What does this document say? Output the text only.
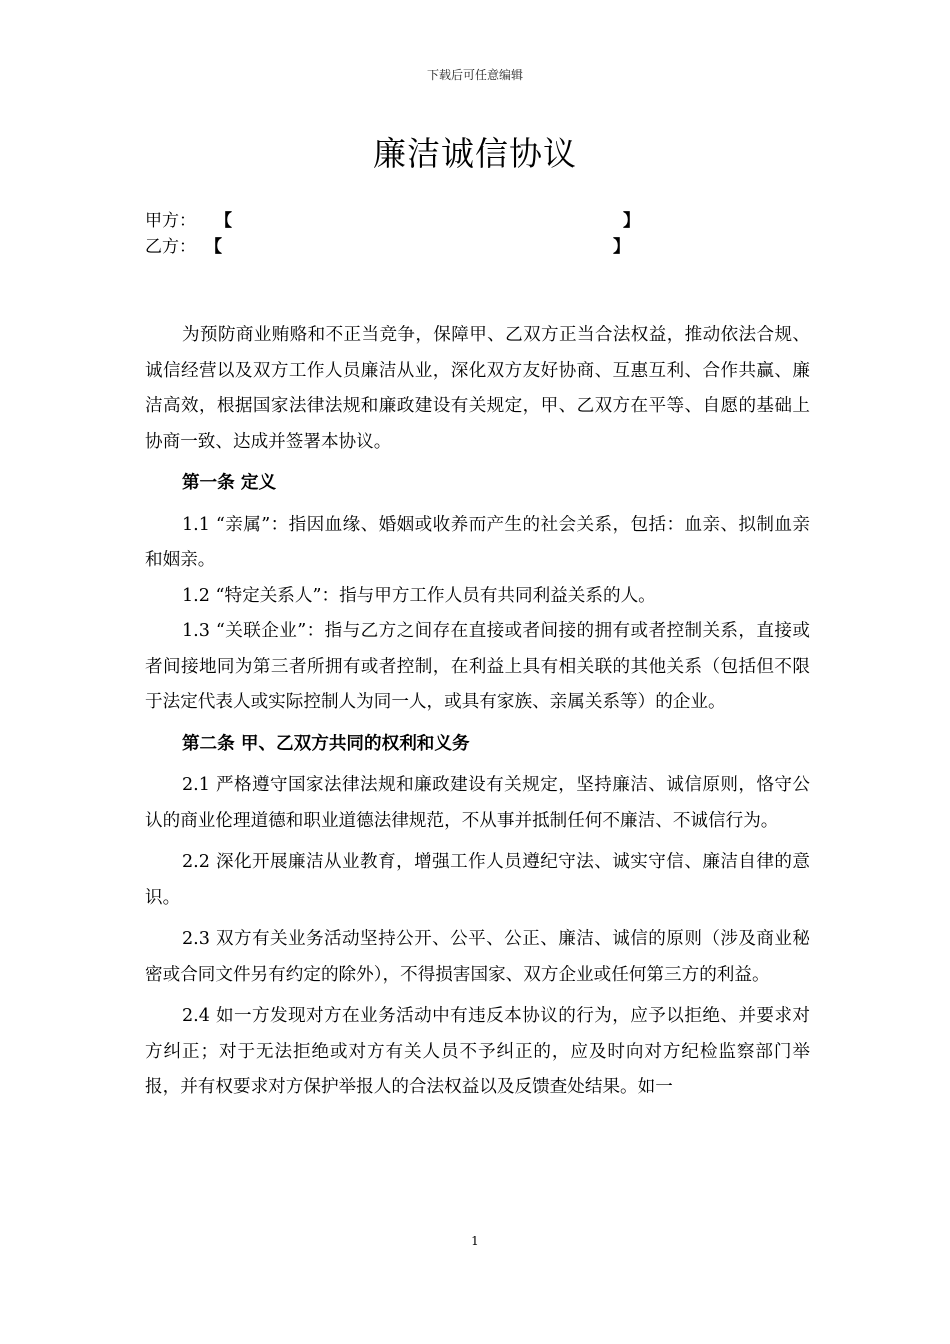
下载后可任意编辑
廉洁诚信协议
甲方： 【	】
乙方： 【	】

为预防商业贿赂和不正当竞争，保障甲、乙双方正当合法权益，推动依法合规、诚信经营以及双方工作人员廉洁从业，深化双方友好协商、互惠互利、合作共赢、廉洁高效，根据国家法律法规和廉政建设有关规定，甲、乙双方在平等、自愿的基础上协商一致、达成并签署本协议。

第一条 定义

1.1 “亲属”：指因血缘、婚姻或收养而产生的社会关系，包括：血亲、拟制血亲和姻亲。

1.2 “特定关系人”：指与甲方工作人员有共同利益关系的人。

1.3 “关联企业”：指与乙方之间存在直接或者间接的拥有或者控制关系，直接或者间接地同为第三者所拥有或者控制，在利益上具有相关联的其他关系（包括但不限于法定代表人或实际控制人为同一人，或具有家族、亲属关系等）的企业。

第二条 甲、乙双方共同的权利和义务

2.1 严格遵守国家法律法规和廉政建设有关规定，坚持廉洁、诚信原则，恪守公认的商业伦理道德和职业道德法律规范，不从事并抵制任何不廉洁、不诚信行为。

2.2 深化开展廉洁从业教育，增强工作人员遵纪守法、诚实守信、廉洁自律的意识。

2.3 双方有关业务活动坚持公开、公平、公正、廉洁、诚信的原则（涉及商业秘密或合同文件另有约定的除外），不得损害国家、双方企业或任何第三方的利益。

2.4 如一方发现对方在业务活动中有违反本协议的行为，应予以拒绝、并要求对方纠正；对于无法拒绝或对方有关人员不予纠正的，应及时向对方纪检监察部门举报，并有权要求对方保护举报人的合法权益以及反馈查处结果。如一

1
